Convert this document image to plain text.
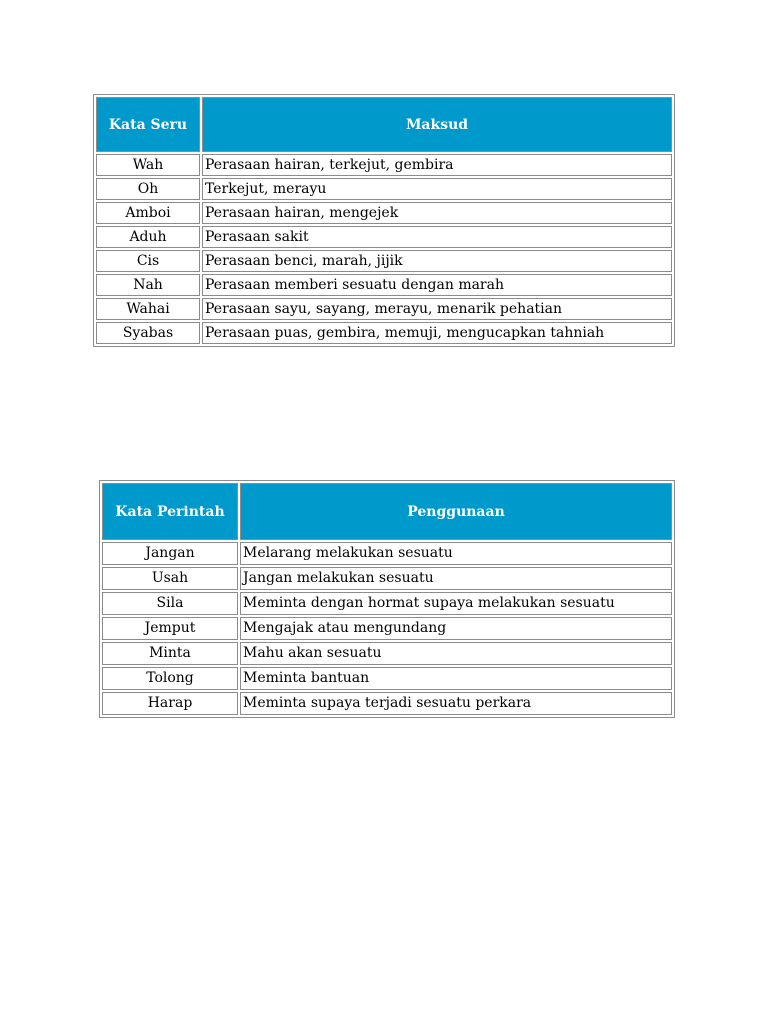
Kata Seru	Maksud
Wah	Perasaan hairan, terkejut, gembira
Oh	Terkejut, merayu
Amboi	Perasaan hairan, mengejek
Aduh	Perasaan sakit
Cis	Perasaan benci, marah, jijik
Nah	Perasaan memberi sesuatu dengan marah
Wahai	Perasaan sayu, sayang, merayu, menarik pehatian
Syabas	Perasaan puas, gembira, memuji, mengucapkan tahniah
Kata Perintah	Penggunaan
Jangan	Melarang melakukan sesuatu
Usah	Jangan melakukan sesuatu
Sila	Meminta dengan hormat supaya melakukan sesuatu
Jemput	Mengajak atau mengundang
Minta	Mahu akan sesuatu
Tolong	Meminta bantuan
Harap	Meminta supaya terjadi sesuatu perkara
